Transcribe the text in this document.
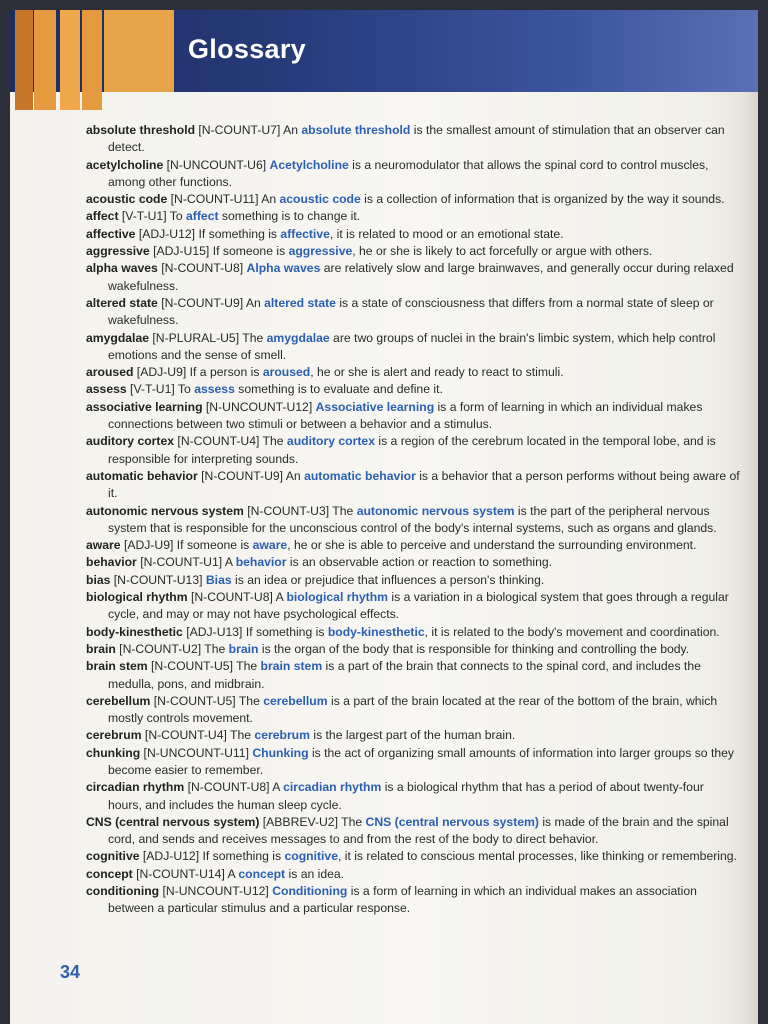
Glossary

absolute threshold [N-COUNT-U7] An absolute threshold is the smallest amount of stimulation that an observer can detect.

acetylcholine [N-UNCOUNT-U6] Acetylcholine is a neuromodulator that allows the spinal cord to control muscles, among other functions.

acoustic code [N-COUNT-U11] An acoustic code is a collection of information that is organized by the way it sounds.

affect [V-T-U1] To affect something is to change it.

affective [ADJ-U12] If something is affective, it is related to mood or an emotional state.

aggressive [ADJ-U15] If someone is aggressive, he or she is likely to act forcefully or argue with others.

alpha waves [N-COUNT-U8] Alpha waves are relatively slow and large brainwaves, and generally occur during relaxed wakefulness.

altered state [N-COUNT-U9] An altered state is a state of consciousness that differs from a normal state of sleep or wakefulness.

amygdalae [N-PLURAL-U5] The amygdalae are two groups of nuclei in the brain's limbic system, which help control emotions and the sense of smell.

aroused [ADJ-U9] If a person is aroused, he or she is alert and ready to react to stimuli.

assess [V-T-U1] To assess something is to evaluate and define it.

associative learning [N-UNCOUNT-U12] Associative learning is a form of learning in which an individual makes connections between two stimuli or between a behavior and a stimulus.

auditory cortex [N-COUNT-U4] The auditory cortex is a region of the cerebrum located in the temporal lobe, and is responsible for interpreting sounds.

automatic behavior [N-COUNT-U9] An automatic behavior is a behavior that a person performs without being aware of it.

autonomic nervous system [N-COUNT-U3] The autonomic nervous system is the part of the peripheral nervous system that is responsible for the unconscious control of the body's internal systems, such as organs and glands.

aware [ADJ-U9] If someone is aware, he or she is able to perceive and understand the surrounding environment.

behavior [N-COUNT-U1] A behavior is an observable action or reaction to something.

bias [N-COUNT-U13] Bias is an idea or prejudice that influences a person's thinking.

biological rhythm [N-COUNT-U8] A biological rhythm is a variation in a biological system that goes through a regular cycle, and may or may not have psychological effects.

body-kinesthetic [ADJ-U13] If something is body-kinesthetic, it is related to the body's movement and coordination.

brain [N-COUNT-U2] The brain is the organ of the body that is responsible for thinking and controlling the body.

brain stem [N-COUNT-U5] The brain stem is a part of the brain that connects to the spinal cord, and includes the medulla, pons, and midbrain.

cerebellum [N-COUNT-U5] The cerebellum is a part of the brain located at the rear of the bottom of the brain, which mostly controls movement.

cerebrum [N-COUNT-U4] The cerebrum is the largest part of the human brain.

chunking [N-UNCOUNT-U11] Chunking is the act of organizing small amounts of information into larger groups so they become easier to remember.

circadian rhythm [N-COUNT-U8] A circadian rhythm is a biological rhythm that has a period of about twenty-four hours, and includes the human sleep cycle.

CNS (central nervous system) [ABBREV-U2] The CNS (central nervous system) is made of the brain and the spinal cord, and sends and receives messages to and from the rest of the body to direct behavior.

cognitive [ADJ-U12] If something is cognitive, it is related to conscious mental processes, like thinking or remembering.

concept [N-COUNT-U14] A concept is an idea.

conditioning [N-UNCOUNT-U12] Conditioning is a form of learning in which an individual makes an association between a particular stimulus and a particular response.

34
